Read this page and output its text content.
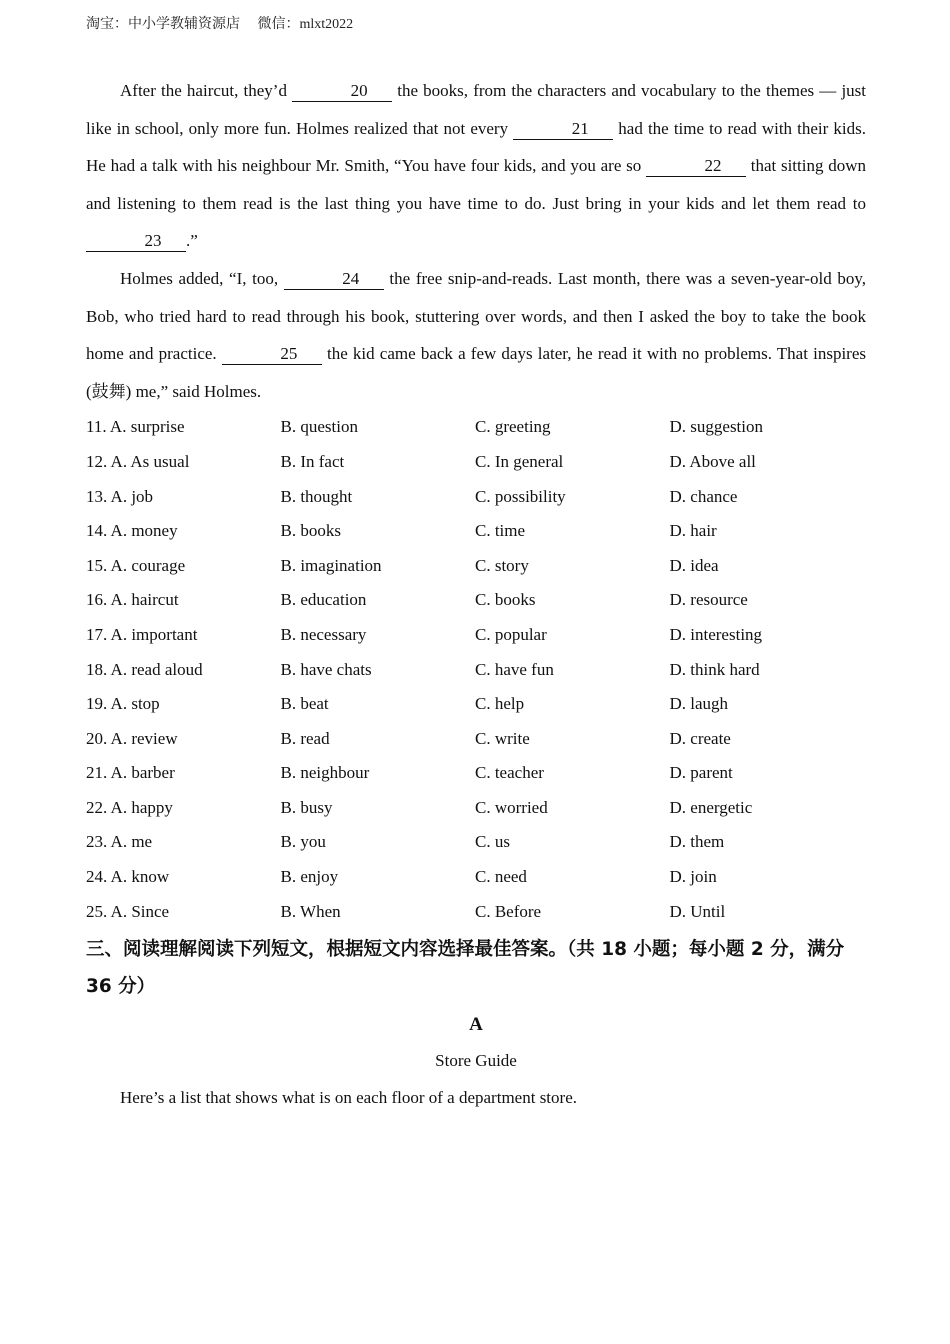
淘宝：中小学教辅资源店 微信：mlxt2022

After the haircut, they’d	20 the books, from the characters and vocabulary to the themes — just like in school, only more fun. Holmes realized that not every	21 had the time to read with their kids. He had a talk with his neighbour Mr. Smith, “You have four kids, and you are so	22 that sitting down and listening to them read is the last thing you have time to do. Just bring in your kids and let them read to 23 .”

Holmes added, “I, too,	24 the free snip-and-reads. Last month, there was a seven-year-old boy, Bob, who tried hard to read through his book, stuttering over words, and then I asked the boy to take the book home and practice.	25 the kid came back a few days later, he read it with no problems. That inspires (鼓舞) me,” said Holmes.

11. A. surprise	B. question	C. greeting	D. suggestion
12. A. As usual	B. In fact	C. In general	D. Above all
13. A. job	B. thought	C. possibility	D. chance
14. A. money	B. books	C. time	D. hair
15. A. courage	B. imagination	C. story	D. idea
16. A. haircut	B. education	C. books	D. resource
17. A. important	B. necessary	C. popular	D. interesting
18. A. read aloud	B. have chats	C. have fun	D. think hard
19. A. stop	B. beat	C. help	D. laugh
20. A. review	B. read	C. write	D. create
21. A. barber	B. neighbour	C. teacher	D. parent
22. A. happy	B. busy	C. worried	D. energetic
23. A. me	B. you	C. us	D. them
24. A. know	B. enjoy	C. need	D. join
25. A. Since	B. When	C. Before	D. Until
三、阅读理解阅读下列短文，根据短文内容选择最佳答案。（共 18 小题；每小题 2 分，满分 36 分）
A
Store Guide

Here’s a list that shows what is on each floor of a department store.
